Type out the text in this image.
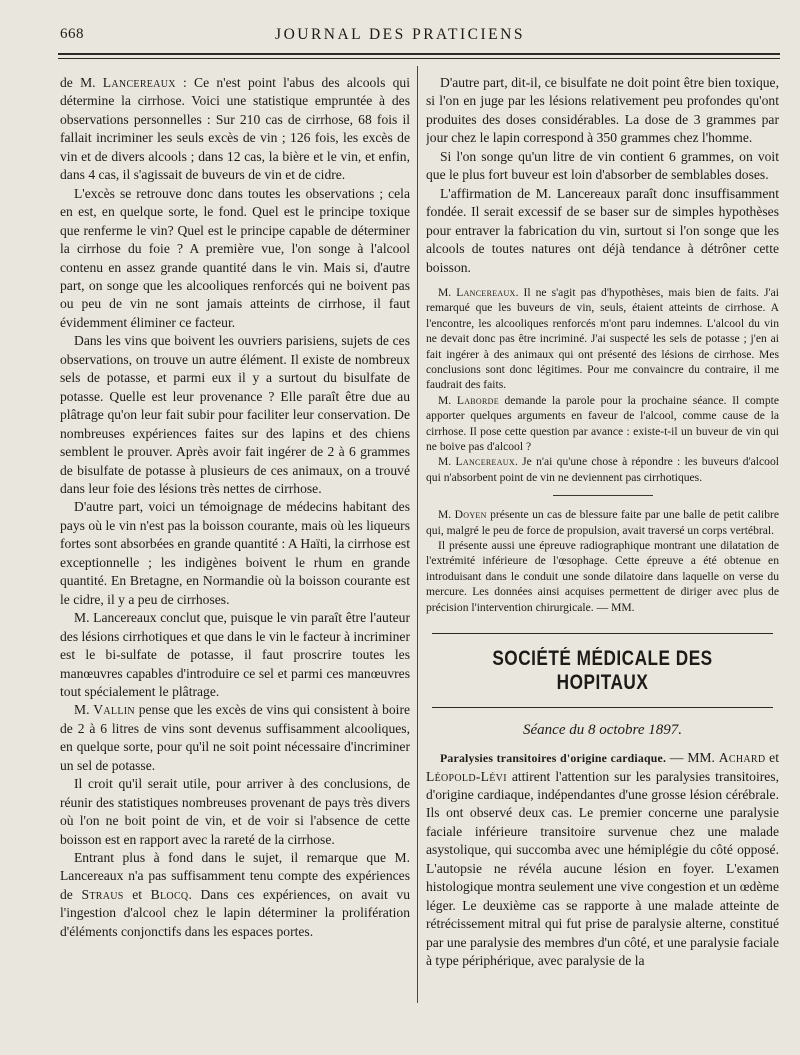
668	JOURNAL DES PRATICIENS

de M. Lancereaux : Ce n'est point l'abus des alcools qui détermine la cirrhose. Voici une statistique empruntée à des observations personnelles : Sur 210 cas de cirrhose, 68 fois il fallait incriminer les seuls excès de vin ; 126 fois, les excès de vin et de divers alcools ; dans 12 cas, la bière et le vin, et enfin, dans 4 cas, il s'agissait de buveurs de vin et de cidre.

L'excès se retrouve donc dans toutes les observations ; cela en est, en quelque sorte, le fond. Quel est le principe toxique que renferme le vin? Quel est le principe capable de déterminer la cirrhose du foie ? A première vue, l'on songe à l'alcool contenu en assez grande quantité dans le vin. Mais si, d'autre part, on songe que les alcooliques renforcés qui ne boivent pas ou peu de vin ne sont jamais atteints de cirrhose, il faut évidemment éliminer ce facteur.

Dans les vins que boivent les ouvriers parisiens, sujets de ces observations, on trouve un autre élément. Il existe de nombreux sels de potasse, et parmi eux il y a surtout du bisulfate de potasse. Quelle est leur provenance ? Elle paraît être due au plâtrage qu'on leur fait subir pour faciliter leur conservation. De nombreuses expériences faites sur des lapins et des chiens semblent le prouver. Après avoir fait ingérer de 2 à 6 grammes de bisulfate de potasse à plusieurs de ces animaux, on a trouvé dans leur foie des lésions très nettes de cirrhose.

D'autre part, voici un témoignage de médecins habitant des pays où le vin n'est pas la boisson courante, mais où les liqueurs fortes sont absorbées en grande quantité : A Haïti, la cirrhose est exceptionnelle ; les indigènes boivent le rhum en grande quantité. En Bretagne, en Normandie où la boisson courante est le cidre, il y a peu de cirrhoses.

M. Lancereaux conclut que, puisque le vin paraît être l'auteur des lésions cirrhotiques et que dans le vin le facteur à incriminer est le bi-sulfate de potasse, il faut proscrire toutes les manœuvres capables d'introduire ce sel et parmi ces manœuvres tout spécialement le plâtrage.

M. Vallin pense que les excès de vins qui consistent à boire de 2 à 6 litres de vins sont devenus suffisamment alcooliques, en quelque sorte, pour qu'il ne soit point nécessaire d'incriminer un sel de potasse.

Il croit qu'il serait utile, pour arriver à des conclusions, de réunir des statistiques nombreuses provenant de pays très divers où l'on ne boit point de vin, et de voir si l'absence de cette boisson est en rapport avec la rareté de la cirrhose.

Entrant plus à fond dans le sujet, il remarque que M. Lancereaux n'a pas suffisamment tenu compte des expériences de Straus et Blocq. Dans ces expériences, on avait vu l'ingestion d'alcool chez le lapin déterminer la prolifération d'éléments conjonctifs dans les espaces portes.

D'autre part, dit-il, ce bisulfate ne doit point être bien toxique, si l'on en juge par les lésions relativement peu profondes qu'ont produites des doses considérables. La dose de 3 grammes par jour chez le lapin correspond à 350 grammes chez l'homme.

Si l'on songe qu'un litre de vin contient 6 grammes, on voit que le plus fort buveur est loin d'absorber de semblables doses.

L'affirmation de M. Lancereaux paraît donc insuffisamment fondée. Il serait excessif de se baser sur de simples hypothèses pour entraver la fabrication du vin, surtout si l'on songe que les alcools de toutes natures ont déjà tendance à détrôner cette boisson.

M. Lancereaux. Il ne s'agit pas d'hypothèses, mais bien de faits. J'ai remarqué que les buveurs de vin, seuls, étaient atteints de cirrhose. A l'encontre, les alcooliques renforcés m'ont paru indemnes. L'alcool du vin ne devait donc pas être incriminé. J'ai suspecté les sels de potasse ; j'en ai fait ingérer à des animaux qui ont présenté des lésions de cirrhose. Mes conclusions sont donc légitimes. Pour me convaincre du contraire, il me faudrait des faits.

M. Laborde demande la parole pour la prochaine séance. Il compte apporter quelques arguments en faveur de l'alcool, comme cause de la cirrhose. Il pose cette question par avance : existe-t-il un buveur de vin qui ne boive pas d'alcool ?

M. Lancereaux. Je n'ai qu'une chose à répondre : les buveurs d'alcool qui n'absorbent point de vin ne deviennent pas cirrhotiques.

M. Doyen présente un cas de blessure faite par une balle de petit calibre qui, malgré le peu de force de propulsion, avait traversé un corps vertébral.

Il présente aussi une épreuve radiographique montrant une dilatation de l'extrémité inférieure de l'œsophage. Cette épreuve a été obtenue en introduisant dans le conduit une sonde dilatoire dans laquelle on verse du mercure. Les données ainsi acquises permettent de diriger avec plus de précision l'intervention chirurgicale. — MM.

SOCIÉTÉ MÉDICALE DES HOPITAUX
Séance du 8 octobre 1897.

Paralysies transitoires d'origine cardiaque. — MM. Achard et Léopold-Lévi attirent l'attention sur les paralysies transitoires, d'origine cardiaque, indépendantes d'une grosse lésion cérébrale. Ils ont observé deux cas. Le premier concerne une paralysie faciale inférieure transitoire survenue chez une malade asystolique, qui succomba avec une hémiplégie du côté opposé. L'autopsie ne révéla aucune lésion en foyer. L'examen histologique montra seulement une vive congestion et un œdème léger. Le deuxième cas se rapporte à une malade atteinte de rétrécissement mitral qui fut prise de paralysie alterne, constitué par une paralysie des membres d'un côté, et une paralysie faciale à type périphérique, avec paralysie de la
